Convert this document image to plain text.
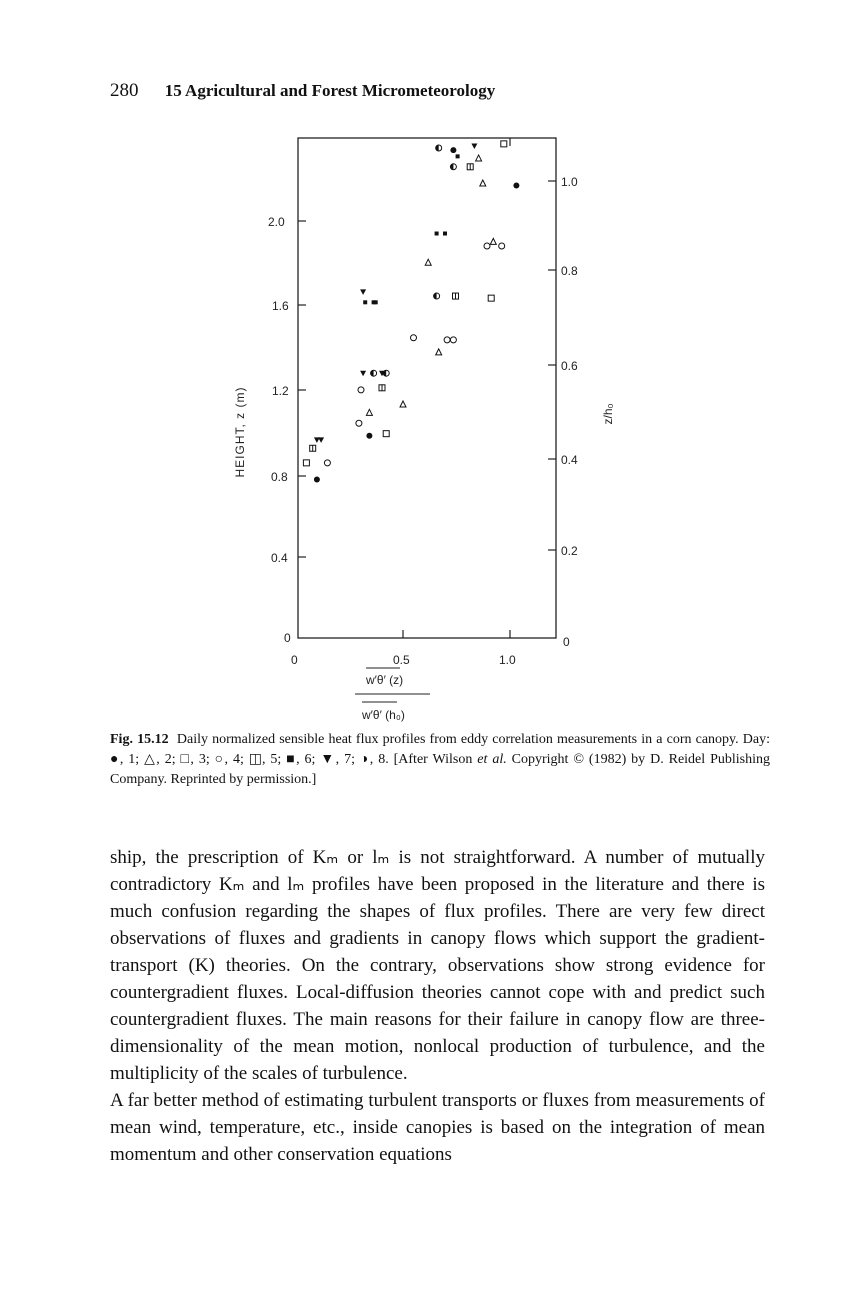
280 15 Agricultural and Forest Micrometeorology
2.0
1.6
1.2
0.8
0.4
0
HEIGHT, z (m)
1.0
0.8
0.6
0.4
0.2
0
z/h₀
0	0.5	1.0
w′θ′ (z)
w′θ′ (h₀)
Fig. 15.12 Daily normalized sensible heat flux profiles from eddy correlation measurements in a corn canopy. Day: ●, 1; △, 2; □, 3; ○, 4; ◫, 5; ■, 6; ▼, 7; ◑, 8. [After Wilson et al. Copyright © (1982) by D. Reidel Publishing Company. Reprinted by permission.]

ship, the prescription of Kₘ or lₘ is not straightforward. A number of mutually contradictory Kₘ and lₘ profiles have been proposed in the literature and there is much confusion regarding the shapes of flux profiles. There are very few direct observations of fluxes and gradients in canopy flows which support the gradient-transport (K) theories. On the contrary, observations show strong evidence for countergradient fluxes. Local-diffusion theories cannot cope with and predict such countergradient fluxes. The main reasons for their failure in canopy flow are three-dimensionality of the mean motion, nonlocal production of turbulence, and the multiplicity of the scales of turbulence.

A far better method of estimating turbulent transports or fluxes from measurements of mean wind, temperature, etc., inside canopies is based on the integration of mean momentum and other conservation equations
